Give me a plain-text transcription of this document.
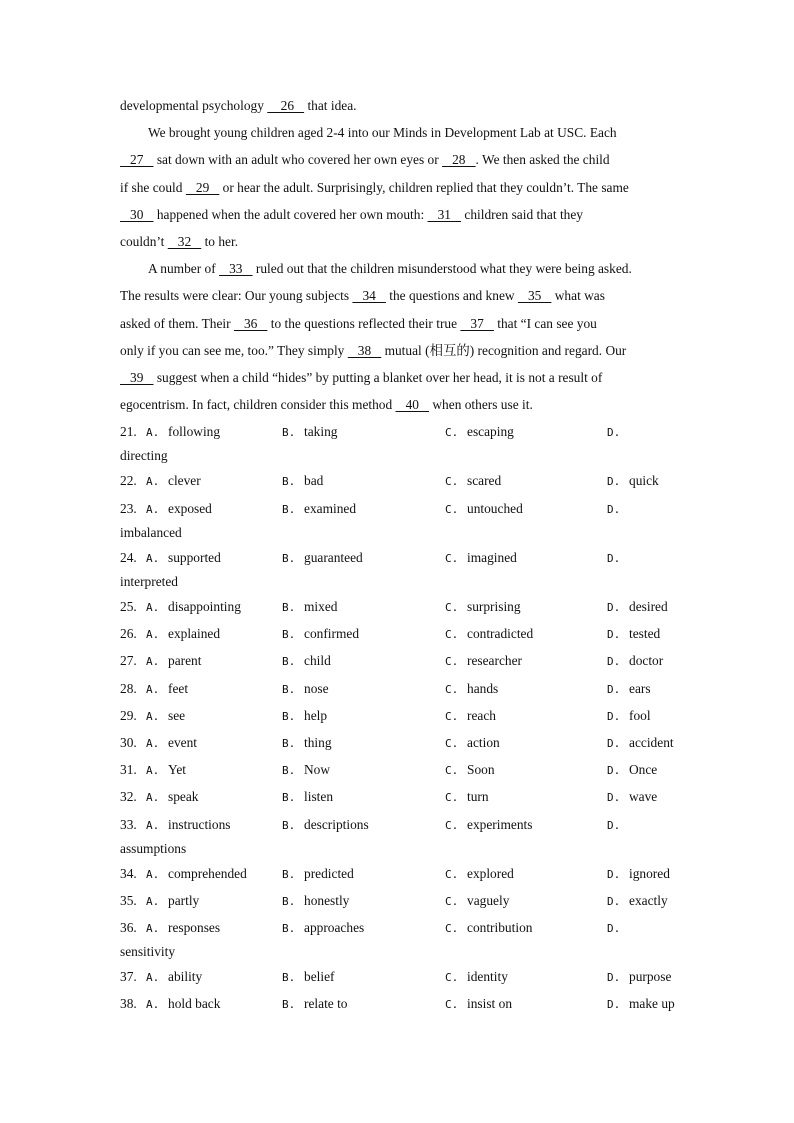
developmental psychology     26    that idea.
We brought young children aged 2-4 into our Minds in Development Lab at USC. Each
27    sat down with an adult who covered her own eyes or    28   . We then asked the child
if she could    29    or hear the adult. Surprisingly, children replied that they couldn’t. The same
30    happened when the adult covered her own mouth:    31    children said that they
couldn’t    32    to her.
A number of    33    ruled out that the children misunderstood what they were being asked.
The results were clear: Our young subjects    34    the questions and knew    35    what was
asked of them. Their    36    to the questions reflected their true    37    that “I can see you
only if you can see me, too.” They simply    38    mutual (相互的) recognition and regard. Our
39    suggest when a child “hides” by putting a blanket over her head, it is not a result of
egocentrism. In fact, children consider this method    40    when others use it.
21. A. following	B. taking	C. escaping	D.
directing
22. A. clever	B. bad	C. scared	D. quick
23. A. exposed	B. examined	C. untouched	D.
imbalanced
24. A. supported	B. guaranteed	C. imagined	D.
interpreted
25. A. disappointing	B. mixed	C. surprising	D. desired
26. A. explained	B. confirmed	C. contradicted	D. tested
27. A. parent	B. child	C. researcher	D. doctor
28. A. feet	B. nose	C. hands	D. ears
29. A. see	B. help	C. reach	D. fool
30. A. event	B. thing	C. action	D. accident
31. A. Yet	B. Now	C. Soon	D. Once
32. A. speak	B. listen	C. turn	D. wave
33. A. instructions	B. descriptions	C. experiments	D.
assumptions
34. A. comprehended	B. predicted	C. explored	D. ignored
35. A. partly	B. honestly	C. vaguely	D. exactly
36. A. responses	B. approaches	C. contribution	D.
sensitivity
37. A. ability	B. belief	C. identity	D. purpose
38. A. hold back	B. relate to	C. insist on	D. make up
